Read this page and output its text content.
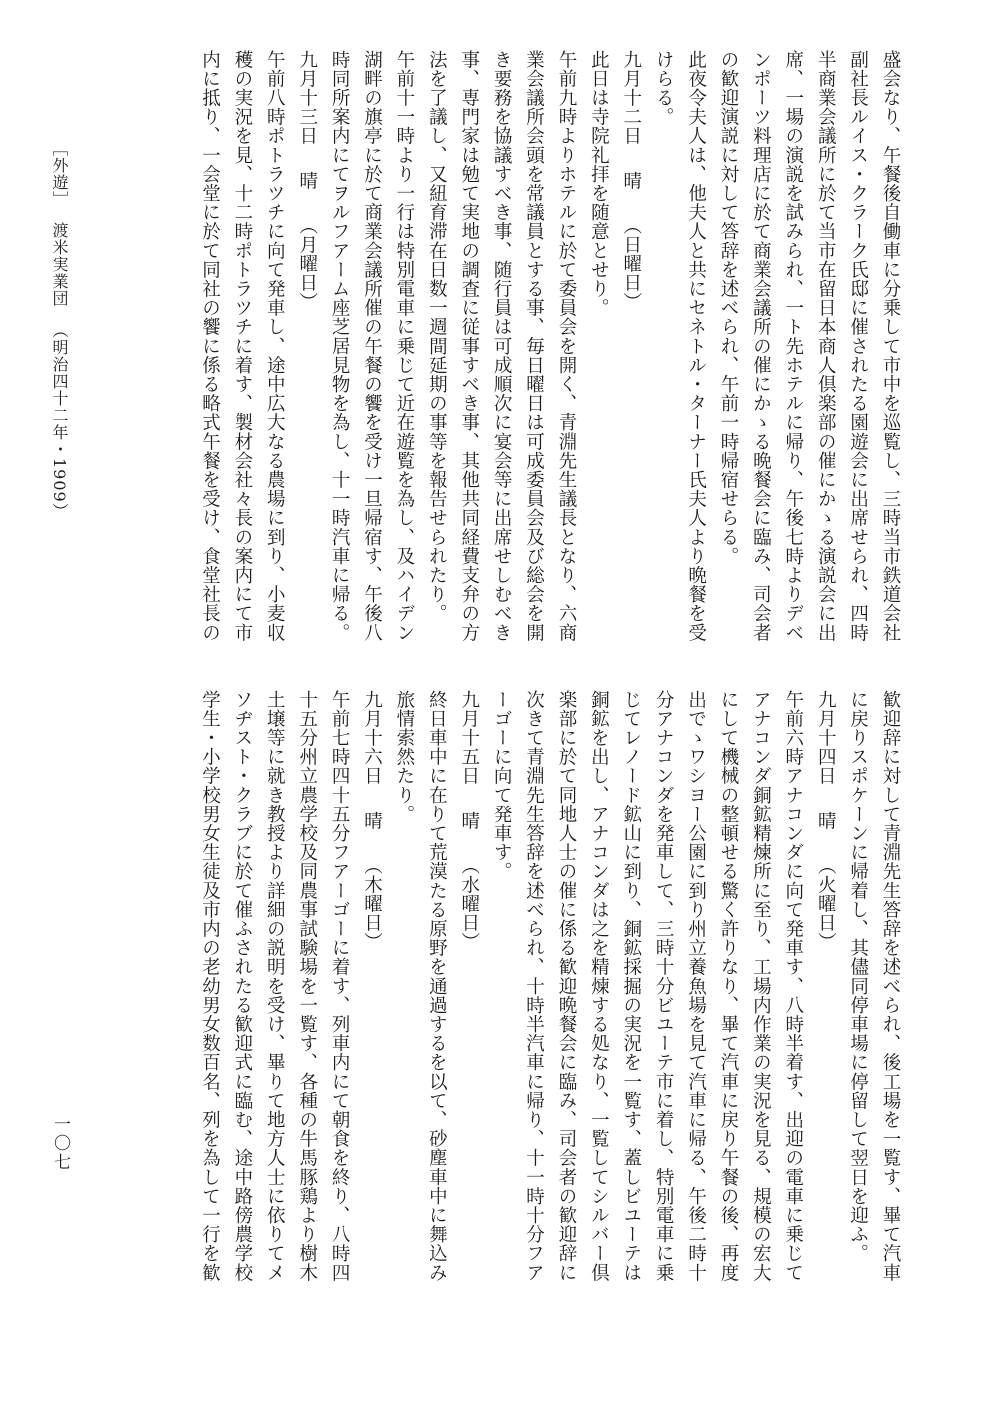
盛会なり、午餐後自働車に分乗して市中を巡覧し、三時当市鉄道会社
副社長ルイス・クラーク氏邸に催されたる園遊会に出席せられ、四時
半商業会議所に於て当市在留日本商人倶楽部の催にかゝる演説会に出
席、一場の演説を試みられ、一ト先ホテルに帰り、午後七時よりデベ
ンポーツ料理店に於て商業会議所の催にかゝる晩餐会に臨み、司会者
の歓迎演説に対して答辞を述べられ、午前一時帰宿せらる。
此夜令夫人は、他夫人と共にセネトル・ターナー氏夫人より晩餐を受
けらる。
九月十二日晴（日曜日）
此日は寺院礼拝を随意とせり。
午前九時よりホテルに於て委員会を開く、青淵先生議長となり、六商
業会議所会頭を常議員とする事、毎日曜日は可成委員会及び総会を開
き要務を協議すべき事、随行員は可成順次に宴会等に出席せしむべき
事、専門家は勉て実地の調査に従事すべき事、其他共同経費支弁の方
法を了議し、又紐育滞在日数一週間延期の事等を報告せられたり。
午前十一時より一行は特別電車に乗じて近在遊覧を為し、及ハイデン
湖畔の旗亭に於て商業会議所催の午餐の饗を受け一旦帰宿す、午後八
時同所案内にてヲルフアーム座芝居見物を為し、十一時汽車に帰る。
九月十三日晴（月曜日）
午前八時ポトラツチに向て発車し、途中広大なる農場に到り、小麦収
穫の実況を見、十二時ポトラツチに着す、製材会社々長の案内にて市
内に抵り、一会堂に於て同社の饗に係る略式午餐を受け、食堂社長の
歓迎辞に対して青淵先生答辞を述べられ、後工場を一覧す、畢て汽車
に戻りスポケーンに帰着し、其儘同停車場に停留して翌日を迎ふ。
九月十四日晴（火曜日）
午前六時アナコンダに向て発車す、八時半着す、出迎の電車に乗じて
アナコンダ銅鉱精煉所に至り、工場内作業の実況を見る、規模の宏大
にして機械の整頓せる驚く許りなり、畢て汽車に戻り午餐の後、再度
出でゝワシヨー公園に到り州立養魚場を見て汽車に帰る、午後二時十
分アナコンダを発車して、三時十分ビユーテ市に着し、特別電車に乗
じてレノード鉱山に到り、銅鉱採掘の実況を一覧す、蓋しビユーテは
銅鉱を出し、アナコンダは之を精煉する処なり、一覧してシルバー倶
楽部に於て同地人士の催に係る歓迎晩餐会に臨み、司会者の歓迎辞に
次きて青淵先生答辞を述べられ、十時半汽車に帰り、十一時十分フア
ーゴーに向て発車す。
九月十五日晴（水曜日）
終日車中に在りて荒漠たる原野を通過するを以て、砂塵車中に舞込み
旅情索然たり。
九月十六日晴（木曜日）
午前七時四十五分フアーゴーに着す、列車内にて朝食を終り、八時四
十五分州立農学校及同農事試験場を一覧す、各種の牛馬豚鶏より樹木
土壌等に就き教授より詳細の説明を受け、畢りて地方人士に依りてメ
ソヂスト・クラブに於て催ふされたる歓迎式に臨む、途中路傍農学校
学生・小学校男女生徒及市内の老幼男女数百名、列を為して一行を歓
［外遊］渡米実業団（明治四十二年・1909）
一〇七
